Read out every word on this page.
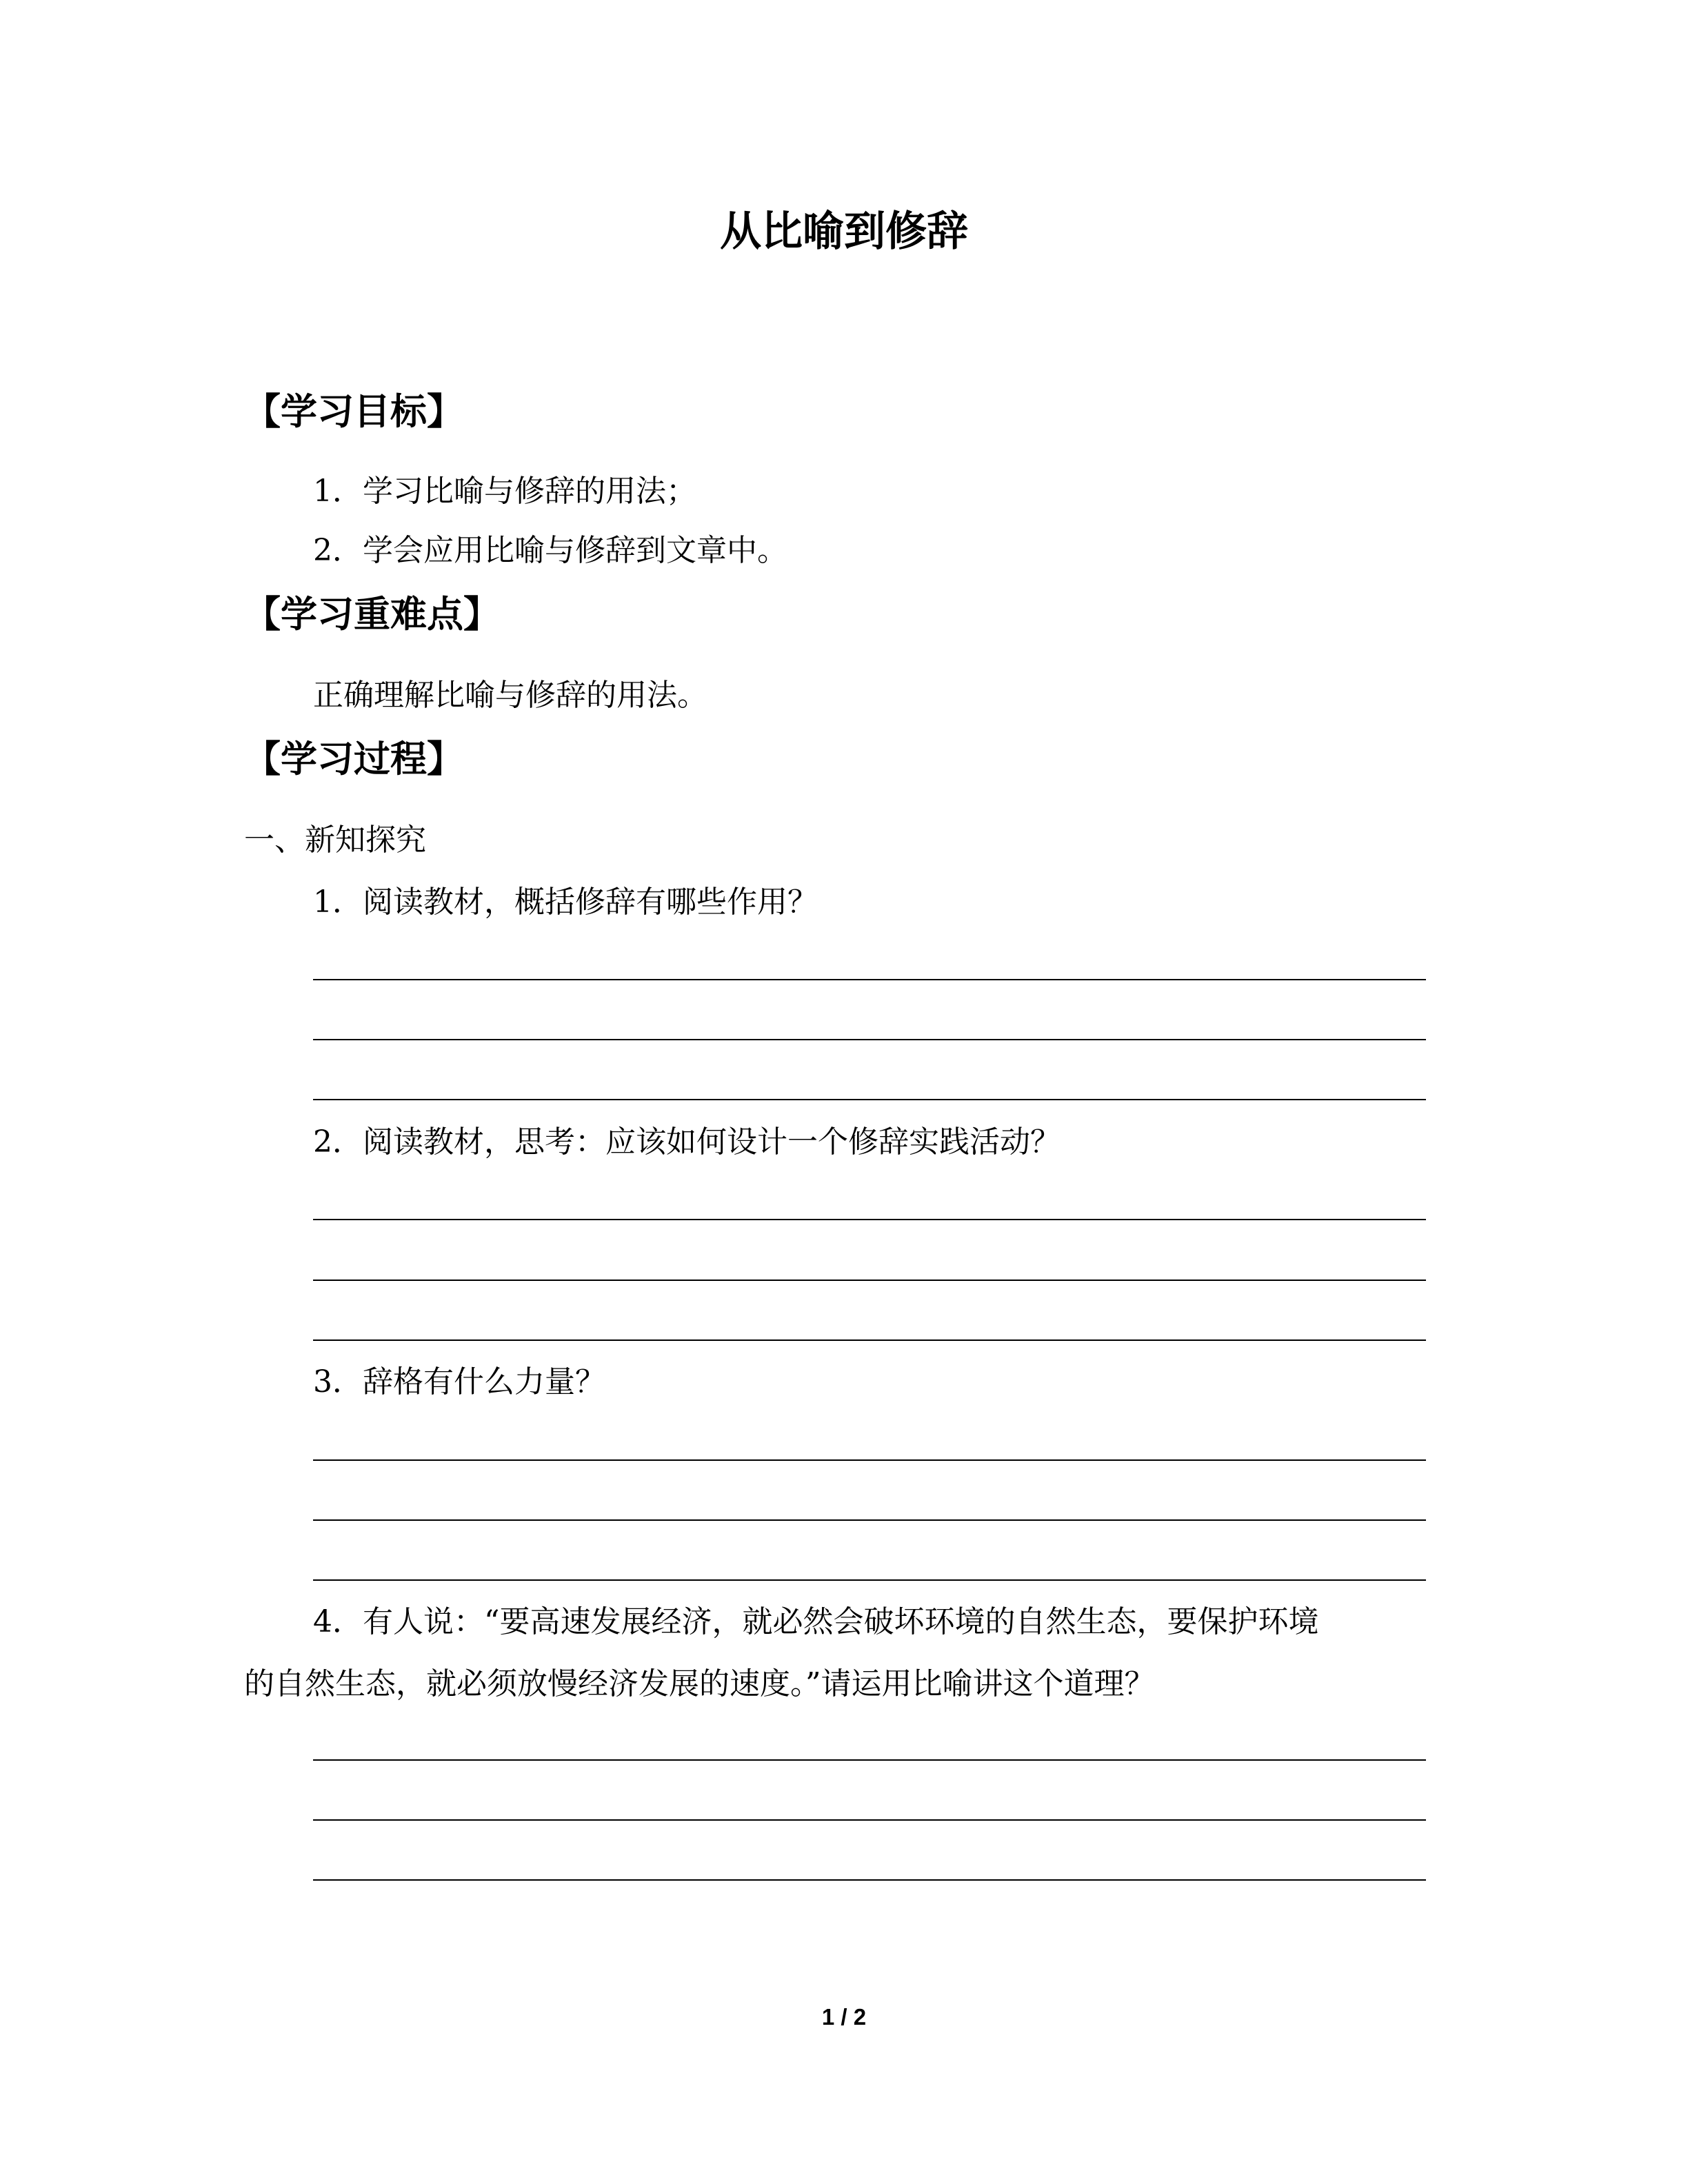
从比喻到修辞
【学习目标】
1．学习比喻与修辞的用法；
2．学会应用比喻与修辞到文章中。
【学习重难点】
正确理解比喻与修辞的用法。
【学习过程】
一、新知探究
1．阅读教材，概括修辞有哪些作用？
2．阅读教材，思考：应该如何设计一个修辞实践活动？
3．辞格有什么力量？
4．有人说：“要高速发展经济，就必然会破坏环境的自然生态，要保护环境
的自然生态，就必须放慢经济发展的速度。”请运用比喻讲这个道理？
1 / 2
